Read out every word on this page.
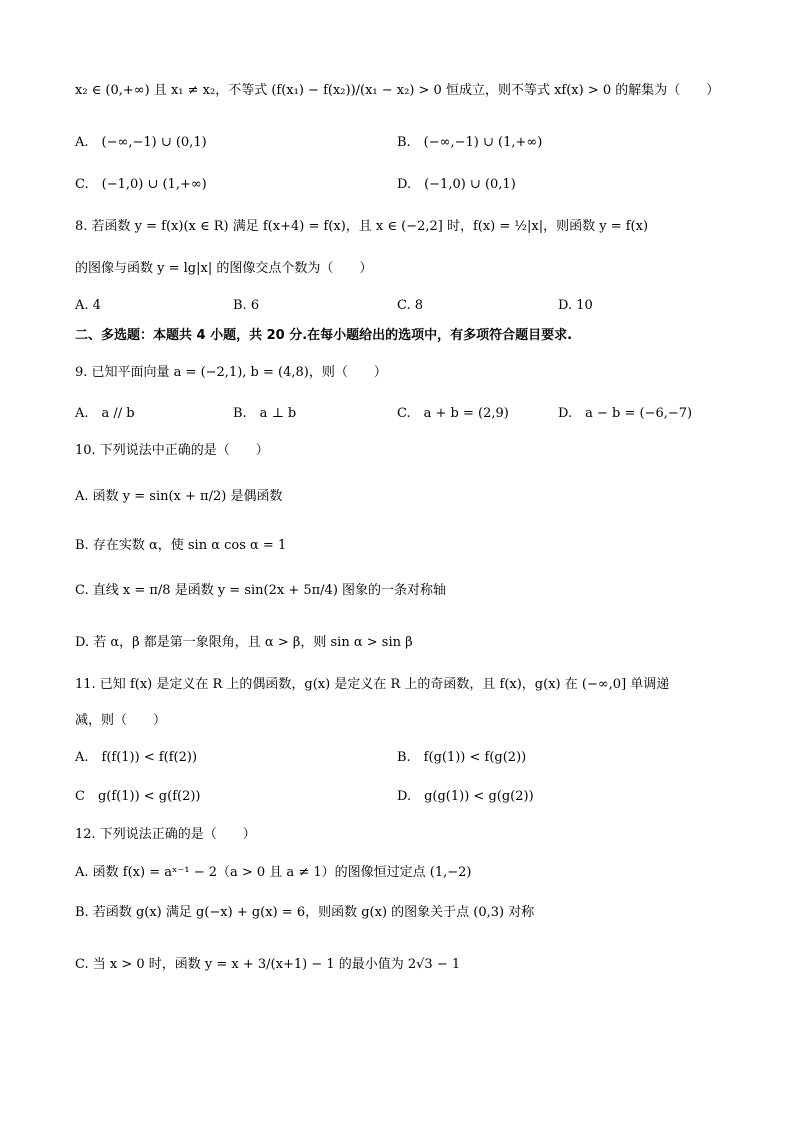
x₂ ∈ (0,+∞) 且 x₁ ≠ x₂，不等式 (f(x₁) − f(x₂))/(x₁ − x₂) > 0 恒成立，则不等式 xf(x) > 0 的解集为（　　）
A.　(−∞,−1) ∪ (0,1)	B.　(−∞,−1) ∪ (1,+∞)
C.　(−1,0) ∪ (1,+∞)	D.　(−1,0) ∪ (0,1)
8. 若函数 y = f(x)(x ∈ R) 满足 f(x+4) = f(x)，且 x ∈ (−2,2] 时，f(x) = ½|x|，则函数 y = f(x)
的图像与函数 y = lg|x| 的图像交点个数为（　　）
A. 4	B. 6	C. 8	D. 10
二、多选题：本题共 4 小题，共 20 分.在每小题给出的选项中，有多项符合题目要求.
9. 已知平面向量 a = (−2,1), b = (4,8)，则（　　）
A.　a // b	B.　a ⊥ b	C.　a + b = (2,9)	D.　a − b = (−6,−7)
10. 下列说法中正确的是（　　）
A. 函数 y = sin(x + π/2) 是偶函数
B. 存在实数 α，使 sin α cos α = 1
C. 直线 x = π/8 是函数 y = sin(2x + 5π/4) 图象的一条对称轴
D. 若 α，β 都是第一象限角，且 α > β，则 sin α > sin β
11. 已知 f(x) 是定义在 R 上的偶函数，g(x) 是定义在 R 上的奇函数，且 f(x)，g(x) 在 (−∞,0] 单调递
减，则（　　）
A.　f(f(1)) < f(f(2))	B.　f(g(1)) < f(g(2))
C　g(f(1)) < g(f(2))	D.　g(g(1)) < g(g(2))
12. 下列说法正确的是（　　）
A. 函数 f(x) = aˣ⁻¹ − 2（a > 0 且 a ≠ 1）的图像恒过定点 (1,−2)
B. 若函数 g(x) 满足 g(−x) + g(x) = 6，则函数 g(x) 的图象关于点 (0,3) 对称
C. 当 x > 0 时，函数 y = x + 3/(x+1) − 1 的最小值为 2√3 − 1
